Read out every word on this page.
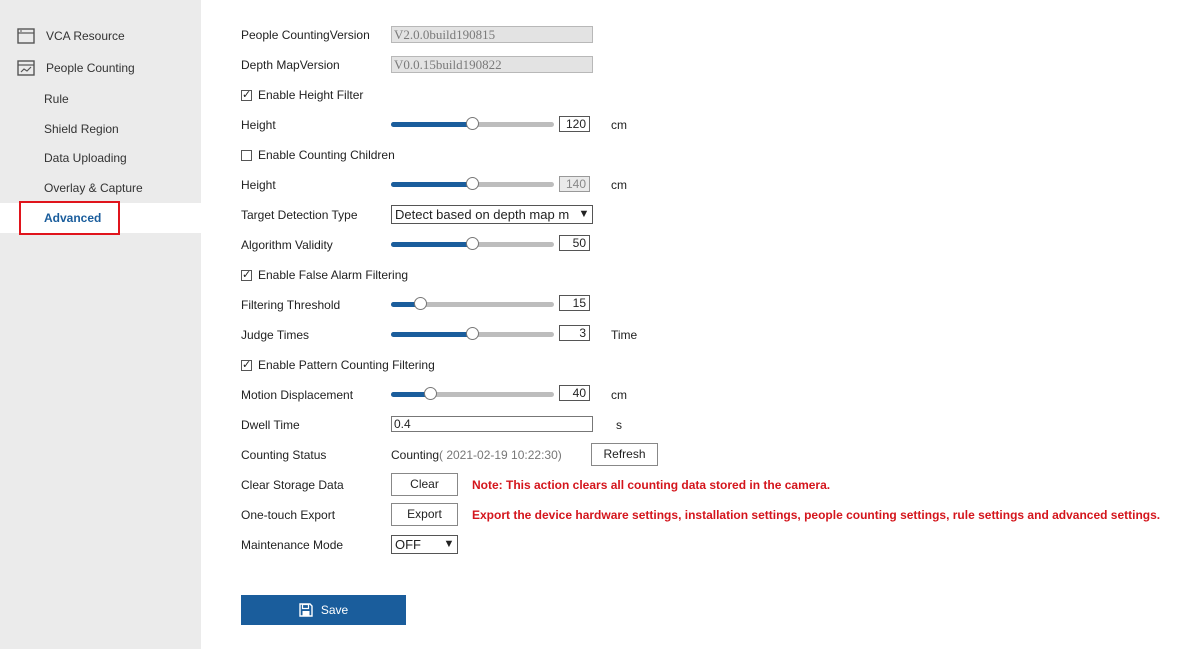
VCA Resource
People Counting
Rule
Shield Region
Data Uploading
Overlay & Capture
Advanced
People CountingVersion V2.0.0build190815
Depth MapVersion	V0.0.15build190822
✓
Enable Height Filter
Height	120	cm
Enable Counting Children
Height	140	cm
Target Detection Type	Detect based on depth map m ▼
Algorithm Validity	50
✓
Enable False Alarm Filtering
Filtering Threshold	15
Judge Times	3	Time
✓
Enable Pattern Counting Filtering
Motion Displacement	40	cm
Dwell Time	0.4	s
Counting Status	Counting ( 2021-02-19 10:22:30)	Refresh
Clear Storage Data	Clear	Note: This action clears all counting data stored in the camera.
One-touch Export	Export	Export the device hardware settings, installation settings, people counting settings, rule settings and advanced settings.
Maintenance Mode	OFF ▼
Save
